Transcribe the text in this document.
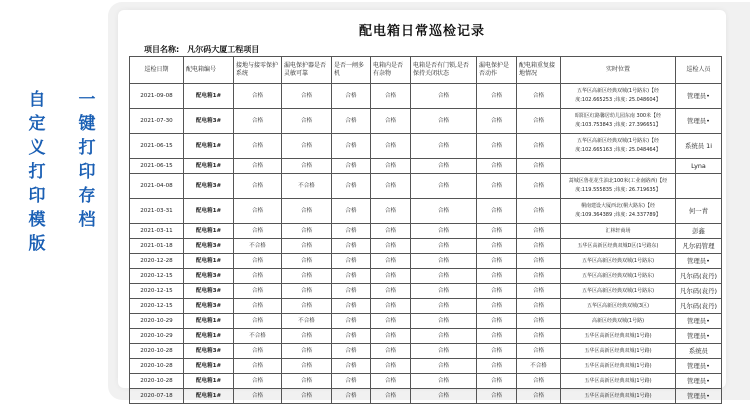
自
定
义
打
印
模
版
一
键
打
印
存
档
配电箱日常巡检记录
项目名称: 凡尔码大厦工程项目
巡检日期	配电箱编号	接地与接零保护系统	漏电保护器是否灵敏可靠	是否一闸多机	电箱内是否有杂物	电箱是否有门锁,是否保持关闭状态	漏电保护是否动作	配电箱重复接地情况	实时位置	巡检人员
2021-09-08	配电箱1#	合格	合格	合格	合格	合格	合格	合格	五华区高新区经典双城(1号路东)【经度:102.665253 ;纬度: 25.048604】	管理员•
2021-07-30	配电箱3#	合格	合格	合格	合格	合格	合格	合格	昭阳区红路馨居幼儿园东南 300米【经度:103.753843 ;纬度: 27.396651】	管理员•
2021-06-15	配电箱1#	合格	合格	合格	合格	合格	合格	合格	五华区高新区经典双城(1号路东)【经度:102.665163 ;纬度: 25.048464】	系统员 1i
2021-06-15	配电箱1#	合格	合格	合格	合格	合格	合格	合格		Lyna
2021-04-08	配电箱3#	合格	不合格	合格	合格	合格	合格	合格	蒿城区鲁花花生油北100米(工业南路西)【经度:119.555835 ;纬度: 26.719635】	
2021-03-31	配电箱1#	合格	合格	合格	合格	合格	合格	合格	桐南建设大厦西北(桐大路东)【经度:109.364389 ;纬度: 24.337789】	何一青
2021-03-11	配电箱1#	合格	合格	合格	合格	合格	合格	合格	汇林轩商场	彭鑫
2021-01-18	配电箱3#	不合格	合格	合格	合格	合格	合格	合格	五华区高新区经典双城D区(1号路东)	凡尔码管理
2020-12-28	配电箱1#	合格	合格	合格	合格	合格	合格	合格	五华区高新区经典双城(1号路东)	管理员•
2020-12-15	配电箱3#	合格	合格	合格	合格	合格	合格	合格	五华区高新区经典双城(1号路东)	凡尔码(袁丹)
2020-12-15	配电箱3#	合格	合格	合格	合格	合格	合格	合格	五华区高新区经典双城(1号路东)	凡尔码(袁丹)
2020-12-15	配电箱3#	合格	合格	合格	合格	合格	合格	合格	五华区高新区经典双城(3区)	凡尔码(袁丹)
2020-10-29	配电箱1#	合格	不合格	合格	合格	合格	合格	合格	高新区经典双城(1号路)	管理员•
2020-10-29	配电箱1#	不合格	合格	合格	合格	合格	合格	合格	五华区高新区经典双城(1号路)	管理员•
2020-10-28	配电箱3#	合格	合格	合格	合格	合格	合格	合格	五华区高新区经典双城(1号路)	系统员
2020-10-28	配电箱1#	合格	合格	合格	合格	合格	合格	不合格	五华区高新区经典双城(1号路)	管理员•
2020-10-28	配电箱1#	合格	合格	合格	合格	合格	合格	合格	五华区高新区经典双城(1号路)	管理员•
2020-07-18	配电箱1#	合格	合格	合格	合格	合格	合格	合格	五华区高新区经典双城(1号路)	管理员•
